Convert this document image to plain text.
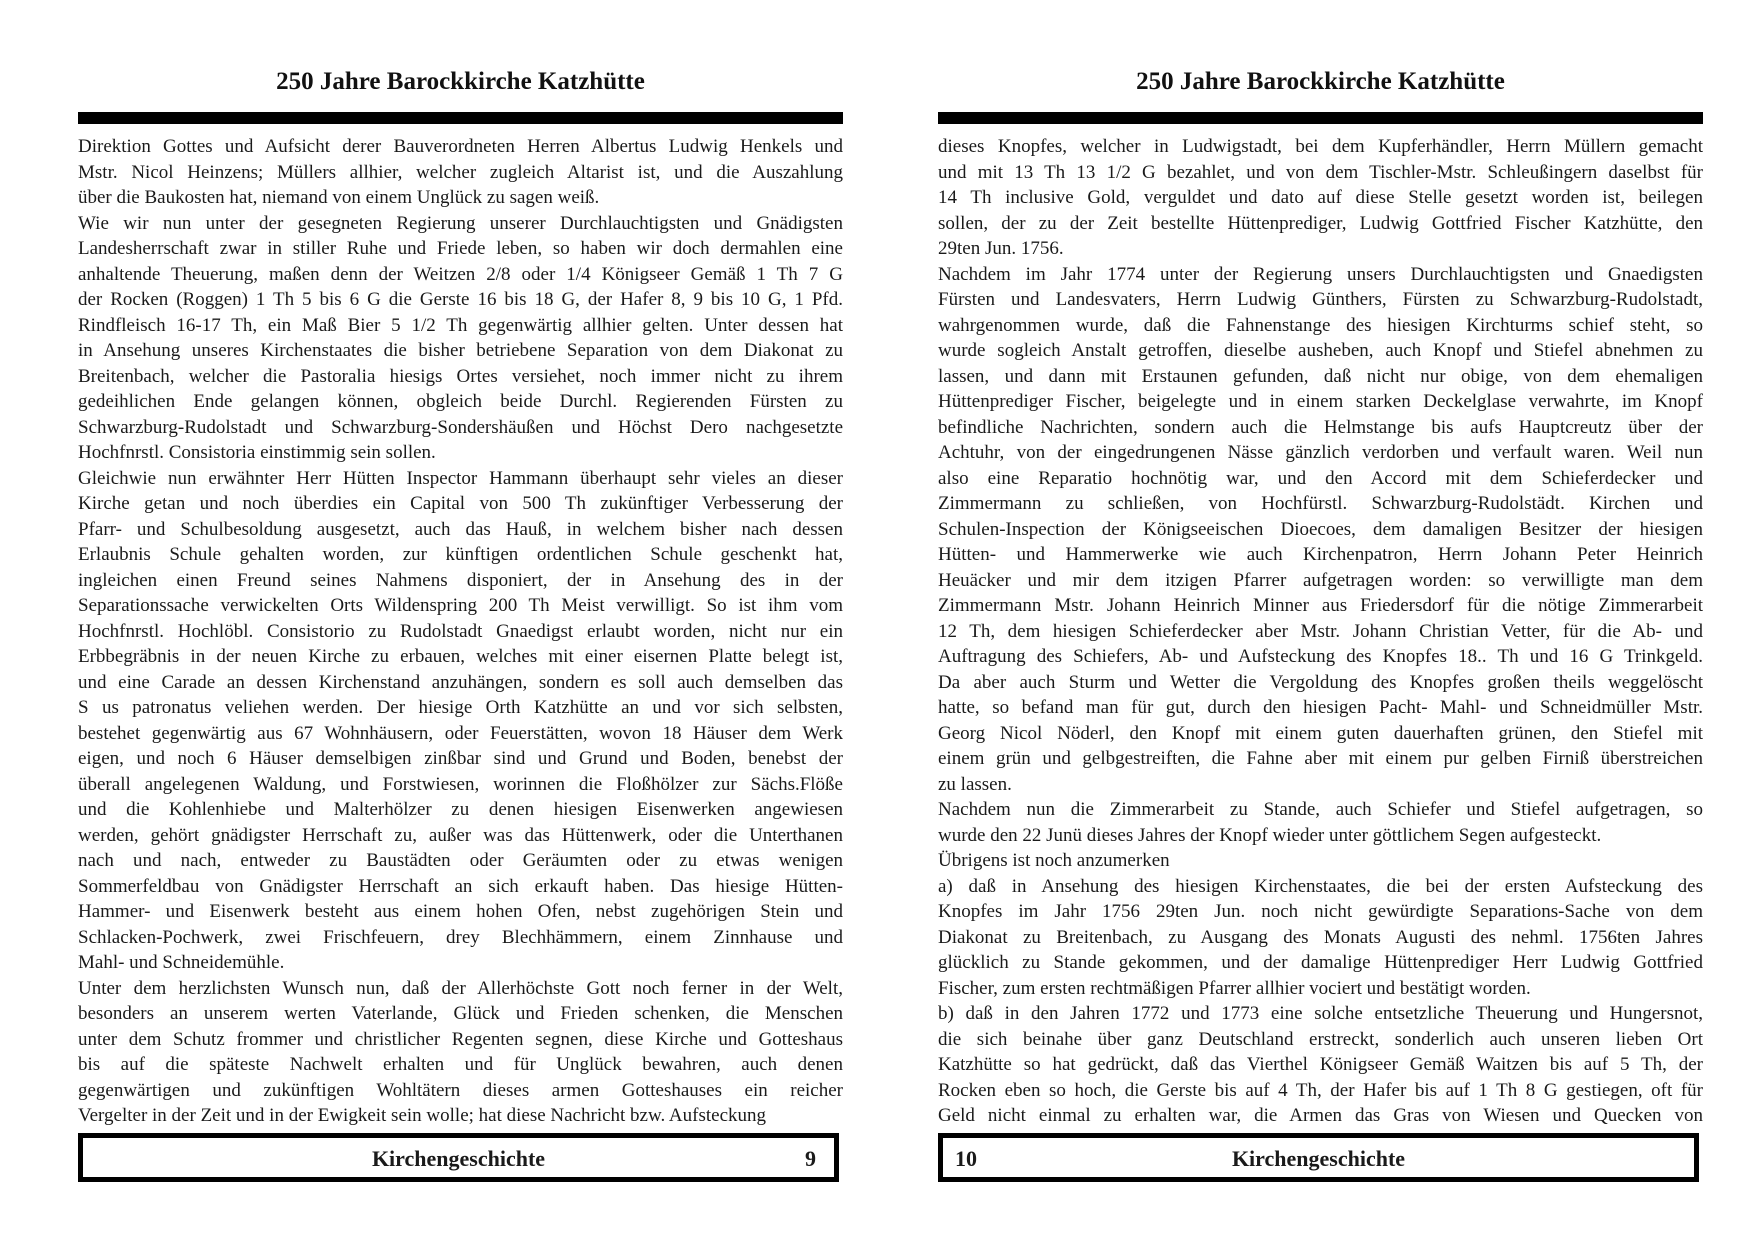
250 Jahre Barockkirche Katzhütte

Direktion Gottes und Aufsicht derer Bauverordneten Herren Albertus Ludwig Henkels und

Mstr. Nicol Heinzens; Müllers allhier, welcher zugleich Altarist ist, und die Auszahlung

über die Baukosten hat, niemand von einem Unglück zu sagen weiß.

Wie wir nun unter der gesegneten Regierung unserer Durchlauchtigsten und Gnädigsten

Landesherrschaft zwar in stiller Ruhe und Friede leben, so haben wir doch dermahlen eine

anhaltende Theuerung, maßen denn der Weitzen 2/8 oder 1/4 Königseer Gemäß 1 Th 7 G

der Rocken (Roggen) 1 Th 5 bis 6 G die Gerste 16 bis 18 G, der Hafer 8, 9 bis 10 G, 1 Pfd.

Rindfleisch 16-17 Th, ein Maß Bier 5 1/2 Th gegenwärtig allhier gelten. Unter dessen hat

in Ansehung unseres Kirchenstaates die bisher betriebene Separation von dem Diakonat zu

Breitenbach, welcher die Pastoralia hiesigs Ortes versiehet, noch immer nicht zu ihrem

gedeihlichen Ende gelangen können, obgleich beide Durchl. Regierenden Fürsten zu

Schwarzburg-Rudolstadt und Schwarzburg-Sondershäußen und Höchst Dero nachgesetzte

Hochfnrstl. Consistoria einstimmig sein sollen.

Gleichwie nun erwähnter Herr Hütten Inspector Hammann überhaupt sehr vieles an dieser

Kirche getan und noch überdies ein Capital von 500 Th zukünftiger Verbesserung der

Pfarr- und Schulbesoldung ausgesetzt, auch das Hauß, in welchem bisher nach dessen

Erlaubnis Schule gehalten worden, zur künftigen ordentlichen Schule geschenkt hat,

ingleichen einen Freund seines Nahmens disponiert, der in Ansehung des in der

Separationssache verwickelten Orts Wildenspring 200 Th Meist verwilligt. So ist ihm vom

Hochfnrstl. Hochlöbl. Consistorio zu Rudolstadt Gnaedigst erlaubt worden, nicht nur ein

Erbbegräbnis in der neuen Kirche zu erbauen, welches mit einer eisernen Platte belegt ist,

und eine Carade an dessen Kirchenstand anzuhängen, sondern es soll auch demselben das

S us patronatus veliehen werden. Der hiesige Orth Katzhütte an und vor sich selbsten,

bestehet gegenwärtig aus 67 Wohnhäusern, oder Feuerstätten, wovon 18 Häuser dem Werk

eigen, und noch 6 Häuser demselbigen zinßbar sind und Grund und Boden, benebst der

überall angelegenen Waldung, und Forstwiesen, worinnen die Floßhölzer zur Sächs.Flöße

und die Kohlenhiebe und Malterhölzer zu denen hiesigen Eisenwerken angewiesen

werden, gehört gnädigster Herrschaft zu, außer was das Hüttenwerk, oder die Unterthanen

nach und nach, entweder zu Baustädten oder Geräumten oder zu etwas wenigen

Sommerfeldbau von Gnädigster Herrschaft an sich erkauft haben. Das hiesige Hütten-

Hammer- und Eisenwerk besteht aus einem hohen Ofen, nebst zugehörigen Stein und

Schlacken-Pochwerk, zwei Frischfeuern, drey Blechhämmern, einem Zinnhause und

Mahl- und Schneidemühle.

Unter dem herzlichsten Wunsch nun, daß der Allerhöchste Gott noch ferner in der Welt,

besonders an unserem werten Vaterlande, Glück und Frieden schenken, die Menschen

unter dem Schutz frommer und christlicher Regenten segnen, diese Kirche und Gotteshaus

bis auf die späteste Nachwelt erhalten und für Unglück bewahren, auch denen

gegenwärtigen und zukünftigen Wohltätern dieses armen Gotteshauses ein reicher

Vergelter in der Zeit und in der Ewigkeit sein wolle; hat diese Nachricht bzw. Aufsteckung

Kirchengeschichte	9
250 Jahre Barockkirche Katzhütte

dieses Knopfes, welcher in Ludwigstadt, bei dem Kupferhändler, Herrn Müllern gemacht

und mit 13 Th 13 1/2 G bezahlet, und von dem Tischler-Mstr. Schleußingern daselbst für

14 Th inclusive Gold, verguldet und dato auf diese Stelle gesetzt worden ist, beilegen

sollen, der zu der Zeit bestellte Hüttenprediger, Ludwig Gottfried Fischer Katzhütte, den

29ten Jun. 1756.

Nachdem im Jahr 1774 unter der Regierung unsers Durchlauchtigsten und Gnaedigsten

Fürsten und Landesvaters, Herrn Ludwig Günthers, Fürsten zu Schwarzburg-Rudolstadt,

wahrgenommen wurde, daß die Fahnenstange des hiesigen Kirchturms schief steht, so

wurde sogleich Anstalt getroffen, dieselbe ausheben, auch Knopf und Stiefel abnehmen zu

lassen, und dann mit Erstaunen gefunden, daß nicht nur obige, von dem ehemaligen

Hüttenprediger Fischer, beigelegte und in einem starken Deckelglase verwahrte, im Knopf

befindliche Nachrichten, sondern auch die Helmstange bis aufs Hauptcreutz über der

Achtuhr, von der eingedrungenen Nässe gänzlich verdorben und verfault waren. Weil nun

also eine Reparatio hochnötig war, und den Accord mit dem Schieferdecker und

Zimmermann zu schließen, von Hochfürstl. Schwarzburg-Rudolstädt. Kirchen und

Schulen-Inspection der Königseeischen Dioecoes, dem damaligen Besitzer der hiesigen

Hütten- und Hammerwerke wie auch Kirchenpatron, Herrn Johann Peter Heinrich

Heuäcker und mir dem itzigen Pfarrer aufgetragen worden: so verwilligte man dem

Zimmermann Mstr. Johann Heinrich Minner aus Friedersdorf für die nötige Zimmerarbeit

12 Th, dem hiesigen Schieferdecker aber Mstr. Johann Christian Vetter, für die Ab- und

Auftragung des Schiefers, Ab- und Aufsteckung des Knopfes 18.. Th und 16 G Trinkgeld.

Da aber auch Sturm und Wetter die Vergoldung des Knopfes großen theils weggelöscht

hatte, so befand man für gut, durch den hiesigen Pacht- Mahl- und Schneidmüller Mstr.

Georg Nicol Nöderl, den Knopf mit einem guten dauerhaften grünen, den Stiefel mit

einem grün und gelbgestreiften, die Fahne aber mit einem pur gelben Firniß überstreichen

zu lassen.

Nachdem nun die Zimmerarbeit zu Stande, auch Schiefer und Stiefel aufgetragen, so

wurde den 22 Junü dieses Jahres der Knopf wieder unter göttlichem Segen aufgesteckt.

Übrigens ist noch anzumerken

a) daß in Ansehung des hiesigen Kirchenstaates, die bei der ersten Aufsteckung des

Knopfes im Jahr 1756 29ten Jun. noch nicht gewürdigte Separations-Sache von dem

Diakonat zu Breitenbach, zu Ausgang des Monats Augusti des nehml. 1756ten Jahres

glücklich zu Stande gekommen, und der damalige Hüttenprediger Herr Ludwig Gottfried

Fischer, zum ersten rechtmäßigen Pfarrer allhier vociert und bestätigt worden.

b) daß in den Jahren 1772 und 1773 eine solche entsetzliche Theuerung und Hungersnot,

die sich beinahe über ganz Deutschland erstreckt, sonderlich auch unseren lieben Ort

Katzhütte so hat gedrückt, daß das Vierthel Königseer Gemäß Waitzen bis auf 5 Th, der

Rocken eben so hoch, die Gerste bis auf 4 Th, der Hafer bis auf 1 Th 8 G gestiegen, oft für

Geld nicht einmal zu erhalten war, die Armen das Gras von Wiesen und Quecken von

Kirchengeschichte
10
